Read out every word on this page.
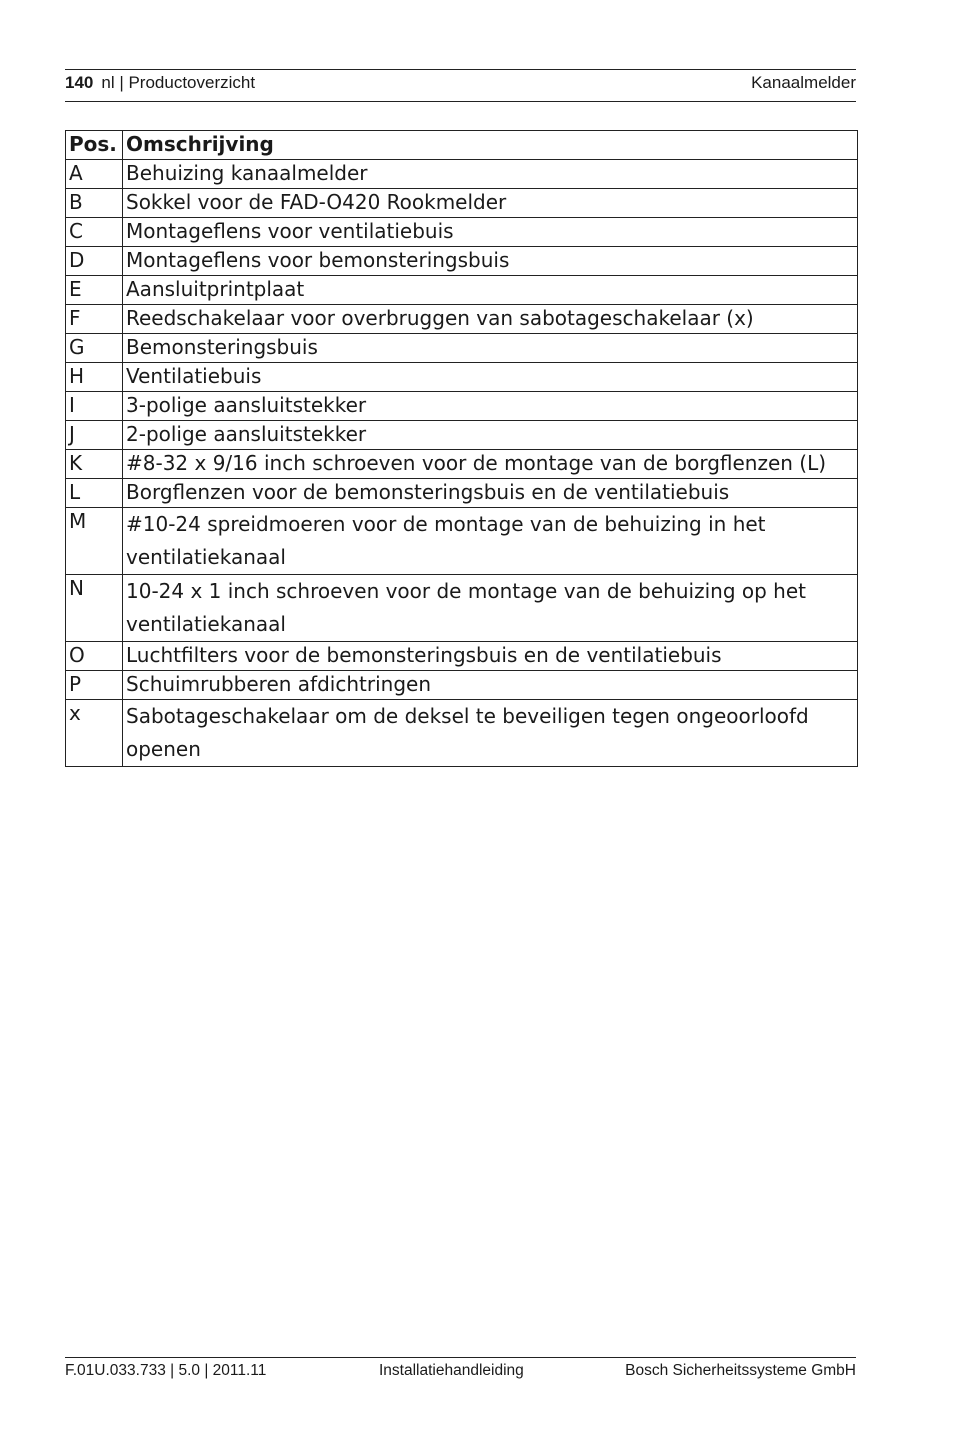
140 nl | Productoverzicht	Kanaalmelder
Pos.	Omschrijving
A	Behuizing kanaalmelder
B	Sokkel voor de FAD-O420 Rookmelder
C	Montageflens voor ventilatiebuis
D	Montageflens voor bemonsteringsbuis
E	Aansluitprintplaat
F	Reedschakelaar voor overbruggen van sabotageschakelaar (x)
G	Bemonsteringsbuis
H	Ventilatiebuis
I	3-polige aansluitstekker
J	2-polige aansluitstekker
K	#8-32 x 9/16 inch schroeven voor de montage van de borgflenzen (L)
L	Borgflenzen voor de bemonsteringsbuis en de ventilatiebuis
M	#10-24 spreidmoeren voor de montage van de behuizing in het ventilatiekanaal
N	10-24 x 1 inch schroeven voor de montage van de behuizing op het ventilatiekanaal
O	Luchtfilters voor de bemonsteringsbuis en de ventilatiebuis
P	Schuimrubberen afdichtringen
x	Sabotageschakelaar om de deksel te beveiligen tegen ongeoorloofd openen
F.01U.033.733 | 5.0 | 2011.11	Installatiehandleiding	Bosch Sicherheitssysteme GmbH
